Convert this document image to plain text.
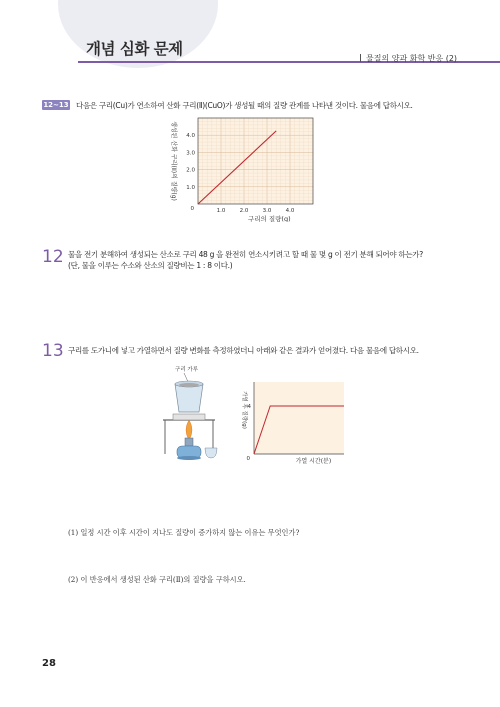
개념 심화 문제
물질의 양과 화학 반응 (2)
12~13 다음은 구리(Cu)가 연소하여 산화 구리(Ⅱ)(CuO)가 생성될 때의 질량 관계를 나타낸 것이다. 물음에 답하시오.
생성된 산화 구리(Ⅱ)의 질량(g)
1.0	2.0	3.0	4.0
1.0
2.0
3.0
4.0
0
구리의 질량(g)
12 물을 전기 분해하여 생성되는 산소로 구리 48 g 을 완전히 연소시키려고 할 때 물 몇 g 이 전기 분해 되어야 하는가?
(단, 물을 이루는 수소와 산소의 질량비는 1 : 8 이다.)
13 구리를 도가니에 넣고 가열하면서 질량 변화를 측정하였더니 아래와 같은 결과가 얻어졌다. 다음 물음에 답하시오.
구리 가루
4
0
가열 후 질량(g)
가열 시간(분)
(1) 일정 시간 이후 시간이 지나도 질량이 증가하지 않는 이유는 무엇인가?
(2) 이 반응에서 생성된 산화 구리(Ⅱ)의 질량을 구하시오.
28
